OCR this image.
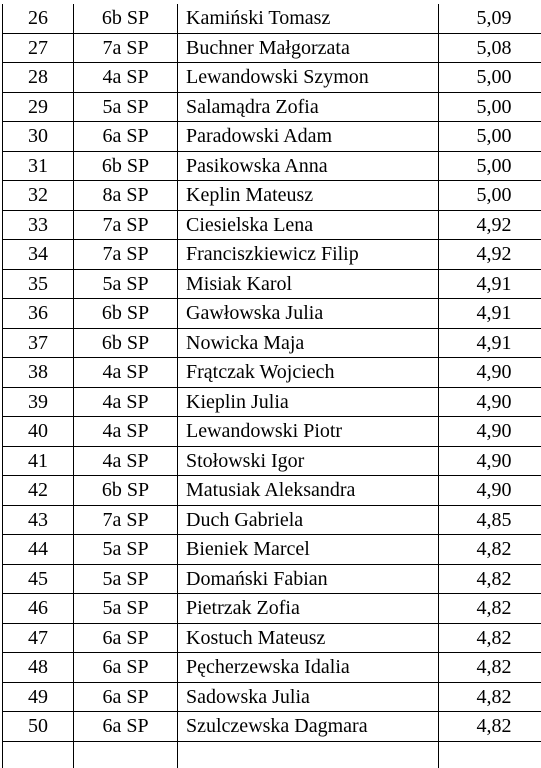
26	6b SP	Kamiński Tomasz	5,09
27	7a SP	Buchner Małgorzata	5,08
28	4a SP	Lewandowski Szymon	5,00
29	5a SP	Salamądra Zofia	5,00
30	6a SP	Paradowski Adam	5,00
31	6b SP	Pasikowska Anna	5,00
32	8a SP	Keplin Mateusz	5,00
33	7a SP	Ciesielska Lena	4,92
34	7a SP	Franciszkiewicz Filip	4,92
35	5a SP	Misiak Karol	4,91
36	6b SP	Gawłowska Julia	4,91
37	6b SP	Nowicka Maja	4,91
38	4a SP	Frątczak Wojciech	4,90
39	4a SP	Kieplin Julia	4,90
40	4a SP	Lewandowski Piotr	4,90
41	4a SP	Stołowski Igor	4,90
42	6b SP	Matusiak Aleksandra	4,90
43	7a SP	Duch Gabriela	4,85
44	5a SP	Bieniek Marcel	4,82
45	5a SP	Domański Fabian	4,82
46	5a SP	Pietrzak Zofia	4,82
47	6a SP	Kostuch Mateusz	4,82
48	6a SP	Pęcherzewska Idalia	4,82
49	6a SP	Sadowska Julia	4,82
50	6a SP	Szulczewska Dagmara	4,82
